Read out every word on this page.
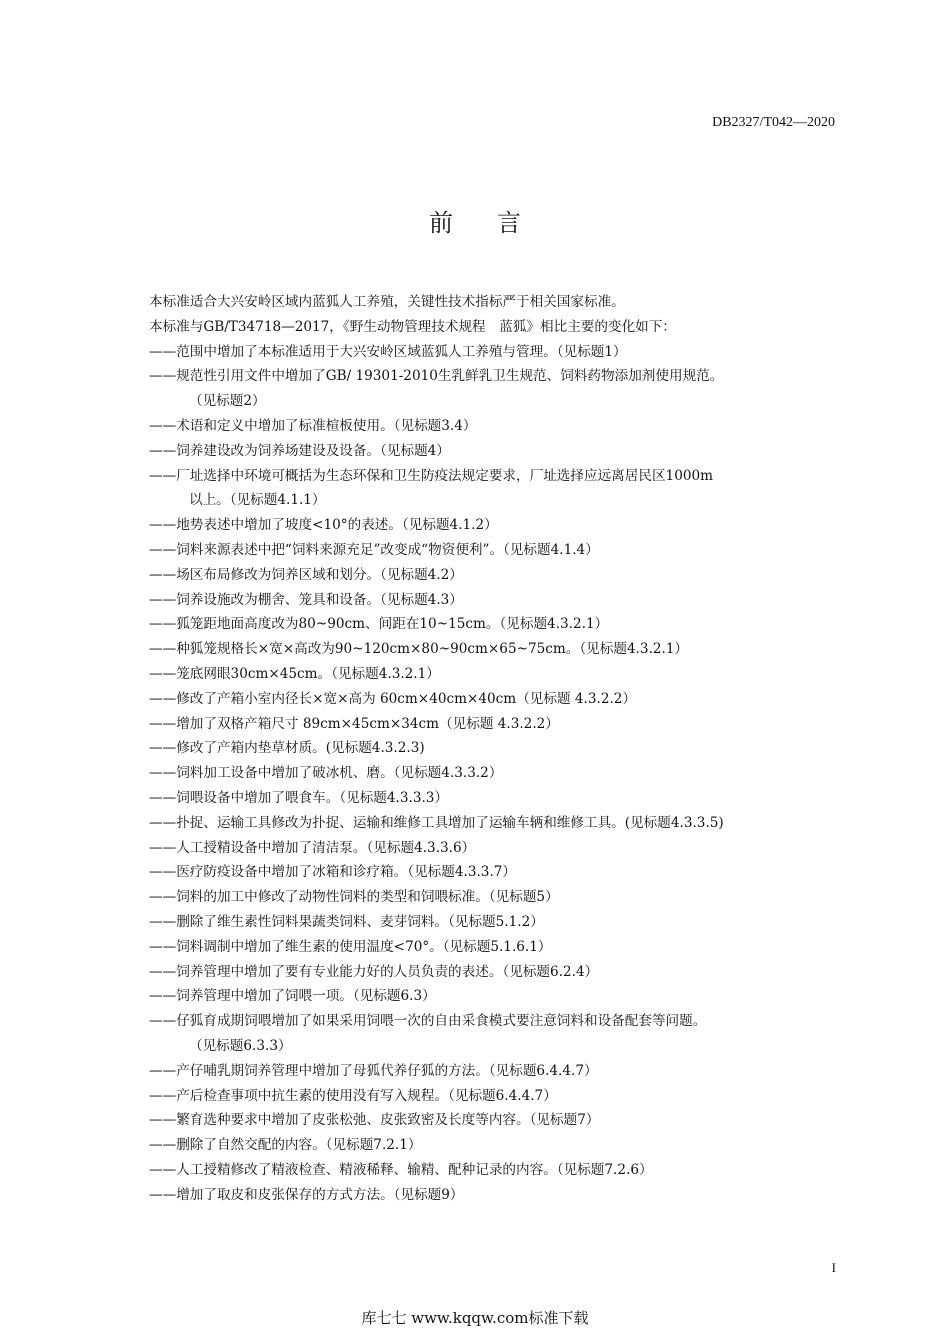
DB2327/T042—2020
前言
本标准适合大兴安岭区域内蓝狐人工养殖，关键性技术指标严于相关国家标准。
本标准与GB/T34718—2017，《野生动物管理技术规程　蓝狐》相比主要的变化如下：
——范围中增加了本标准适用于大兴安岭区域蓝狐人工养殖与管理。（见标题1）
——规范性引用文件中增加了GB/ 19301-2010生乳鲜乳卫生规范、饲料药物添加剂使用规范。
（见标题2）
——术语和定义中增加了标准楦板使用。（见标题3.4）
——饲养建设改为饲养场建设及设备。（见标题4）
——厂址选择中环境可概括为生态环保和卫生防疫法规定要求，厂址选择应远离居民区1000m
以上。（见标题4.1.1）
——地势表述中增加了坡度<10°的表述。（见标题4.1.2）
——饲料来源表述中把“饲料来源充足”改变成“物资便利”。（见标题4.1.4）
——场区布局修改为饲养区域和划分。（见标题4.2）
——饲养设施改为棚舍、笼具和设备。（见标题4.3）
——狐笼距地面高度改为80~90cm、间距在10~15cm。（见标题4.3.2.1）
——种狐笼规格长×宽×高改为90~120cm×80~90cm×65~75cm。（见标题4.3.2.1）
——笼底网眼30cm×45cm。（见标题4.3.2.1）
——修改了产箱小室内径长×宽×高为 60cm×40cm×40cm（见标题 4.3.2.2）
——增加了双格产箱尺寸 89cm×45cm×34cm（见标题 4.3.2.2）
——修改了产箱内垫草材质。(见标题4.3.2.3)
——饲料加工设备中增加了破冰机、磨。（见标题4.3.3.2）
——饲喂设备中增加了喂食车。（见标题4.3.3.3）
——扑捉、运输工具修改为扑捉、运输和维修工具增加了运输车辆和维修工具。(见标题4.3.3.5)
——人工授精设备中增加了清洁泵。（见标题4.3.3.6）
——医疗防疫设备中增加了冰箱和诊疗箱。（见标题4.3.3.7）
——饲料的加工中修改了动物性饲料的类型和饲喂标准。（见标题5）
——删除了维生素性饲料果蔬类饲料、麦芽饲料。（见标题5.1.2）
——饲料调制中增加了维生素的使用温度<70°。（见标题5.1.6.1）
——饲养管理中增加了要有专业能力好的人员负责的表述。（见标题6.2.4）
——饲养管理中增加了饲喂一项。（见标题6.3）
——仔狐育成期饲喂增加了如果采用饲喂一次的自由采食模式要注意饲料和设备配套等问题。
（见标题6.3.3）
——产仔哺乳期饲养管理中增加了母狐代养仔狐的方法。（见标题6.4.4.7）
——产后检查事项中抗生素的使用没有写入规程。（见标题6.4.4.7）
——繁育选种要求中增加了皮张松弛、皮张致密及长度等内容。（见标题7）
——删除了自然交配的内容。（见标题7.2.1）
——人工授精修改了精液检查、精液稀释、输精、配种记录的内容。（见标题7.2.6）
——增加了取皮和皮张保存的方式方法。（见标题9）
I
库七七 www.kqqw.com标准下载
